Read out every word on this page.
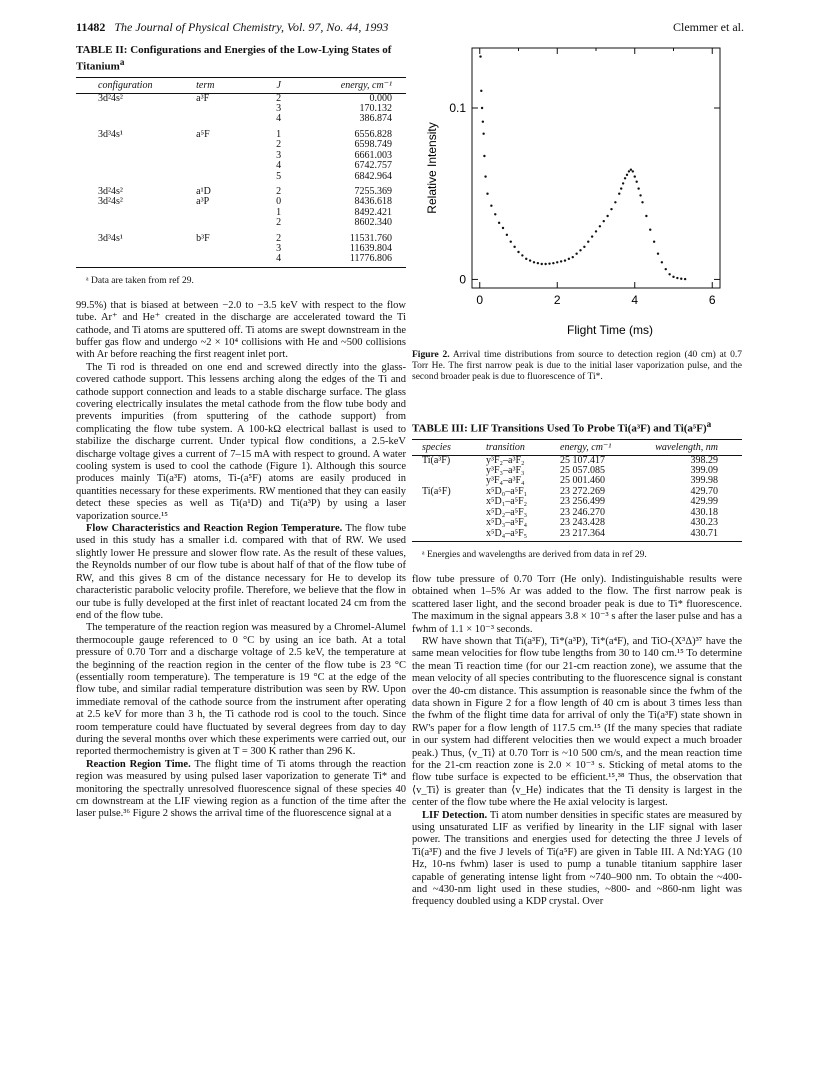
11482 The Journal of Physical Chemistry, Vol. 97, No. 44, 1993	Clemmer et al.
TABLE II: Configurations and Energies of the Low-Lying States of Titanium$^a$
configuration	term	J	energy, cm⁻¹
3d²4s²	a³F	2	0.000
		3	170.132
		4	386.874
3d³4s¹	a⁵F	1	6556.828
		2	6598.749
		3	6661.003
		4	6742.757
		5	6842.964
3d²4s²	a¹D	2	7255.369
3d²4s²	a³P	0	8436.618
		1	8492.421
		2	8602.340
3d³4s¹	b³F	2	11531.760
		3	11639.804
		4	11776.806
ᵃ Data are taken from ref 29.

99.5%) that is biased at between −2.0 to −3.5 keV with respect to the flow tube. Ar⁺ and He⁺ created in the discharge are accelerated toward the Ti cathode, and Ti atoms are sputtered off. Ti atoms are swept downstream in the buffer gas flow and undergo ~2 × 10⁴ collisions with He and ~500 collisions with Ar before reaching the first reagent inlet port.

The Ti rod is threaded on one end and screwed directly into the glass-covered cathode support. This lessens arching along the edges of the Ti and cathode support connection and leads to a stable discharge surface. The glass covering electrically insulates the metal cathode from the flow tube body and prevents impurities (from sputtering of the cathode support) from complicating the flow tube system. A 100-kΩ electrical ballast is used to stabilize the discharge current. Under typical flow conditions, a 2.5-keV discharge voltage gives a current of 7–15 mA with respect to ground. A water cooling system is used to cool the cathode (Figure 1). Although this source produces mainly Ti(a³F) atoms, Ti-(a⁵F) atoms are easily produced in quantities necessary for these experiments. RW mentioned that they can easily detect these species as well as Ti(a¹D) and Ti(a³P) by using a laser vaporization source.¹⁵

Flow Characteristics and Reaction Region Temperature. The flow tube used in this study has a smaller i.d. compared with that of RW. We used slightly lower He pressure and slower flow rate. As the result of these values, the Reynolds number of our flow tube is about half of that of the flow tube of RW, and this gives 8 cm of the distance necessary for He to develop its characteristic parabolic velocity profile. Therefore, we believe that the flow in our tube is fully developed at the first inlet of reactant located 24 cm from the end of the flow tube.

The temperature of the reaction region was measured by a Chromel-Alumel thermocouple gauge referenced to 0 °C by using an ice bath. At a total pressure of 0.70 Torr and a discharge voltage of 2.5 keV, the temperature at the beginning of the reaction region in the center of the flow tube is 23 °C (essentially room temperature). The temperature is 19 °C at the edge of the flow tube, and similar radial temperature distribution was seen by RW. Upon immediate removal of the cathode source from the instrument after operating at 2.5 keV for more than 3 h, the Ti cathode rod is cool to the touch. Since room temperature could have fluctuated by several degrees from day to day during the several months over which these experiments were carried out, our reported thermochemistry is given at T = 300 K rather than 296 K.

Reaction Region Time. The flight time of Ti atoms through the reaction region was measured by using pulsed laser vaporization to generate Ti* and monitoring the spectrally unresolved fluorescence signal of these species 40 cm downstream at the LIF viewing region as a function of the time after the laser pulse.³⁶ Figure 2 shows the arrival time of the fluorescence signal at a

0	2	4	6
0
0.1
Flight Time (ms)
Relative Intensity
Figure 2. Arrival time distributions from source to detection region (40 cm) at 0.7 Torr He. The first narrow peak is due to the initial laser vaporization pulse, and the second broader peak is due to fluorescence of Ti*.
TABLE III: LIF Transitions Used To Probe Ti(a³F) and $Ti(a^5F)^a$
species	transition	energy, cm⁻¹	wavelength, nm
Ti(a³F)	y³F₂–a³F₂	25 107.417	398.29
	y³F₃–a³F₃	25 057.085	399.09
	y³F₄–a³F₄	25 001.460	399.98
Ti(a⁵F)	x⁵D₀–a⁵F₁	23 272.269	429.70
	x⁵D₁–a⁵F₂	23 256.499	429.99
	x⁵D₂–a⁵F₃	23 246.270	430.18
	x⁵D₃–a⁵F₄	23 243.428	430.23
	x⁵D₄–a⁵F₅	23 217.364	430.71
ᵃ Energies and wavelengths are derived from data in ref 29.

flow tube pressure of 0.70 Torr (He only). Indistinguishable results were obtained when 1–5% Ar was added to the flow. The first narrow peak is scattered laser light, and the second broader peak is due to Ti* fluorescence. The maximum in the signal appears 3.8 × 10⁻³ s after the laser pulse and has a fwhm of 1.1 × 10⁻³ seconds.

RW have shown that Ti(a³F), Ti*(a³P), Ti*(a⁴F), and TiO-(X³Δ)³⁷ have the same mean velocities for flow tube lengths from 30 to 140 cm.¹⁵ To determine the mean Ti reaction time (for our 21-cm reaction zone), we assume that the mean velocity of all species contributing to the fluorescence signal is constant over the 40-cm distance. This assumption is reasonable since the fwhm of the data shown in Figure 2 for a flow length of 40 cm is about 3 times less than the fwhm of the flight time data for arrival of only the Ti(a³F) state shown in RW's paper for a flow length of 117.5 cm.¹⁵ (If the many species that radiate in our system had different velocities then we would expect a much broader peak.) Thus, ⟨v_Ti⟩ at 0.70 Torr is ~10 500 cm/s, and the mean reaction time for the 21-cm reaction zone is 2.0 × 10⁻³ s. Sticking of metal atoms to the flow tube surface is expected to be efficient.¹⁵,³⁸ Thus, the observation that ⟨v_Ti⟩ is greater than ⟨v_He⟩ indicates that the Ti density is largest in the center of the flow tube where the He axial velocity is largest.

LIF Detection. Ti atom number densities in specific states are measured by using unsaturated LIF as verified by linearity in the LIF signal with laser power. The transitions and energies used for detecting the three J levels of Ti(a³F) and the five J levels of Ti(a⁵F) are given in Table III. A Nd:YAG (10 Hz, 10-ns fwhm) laser is used to pump a tunable titanium sapphire laser capable of generating intense light from ~740–900 nm. To obtain the ~400- and ~430-nm light used in these studies, ~800- and ~860-nm light was frequency doubled using a KDP crystal. Over
